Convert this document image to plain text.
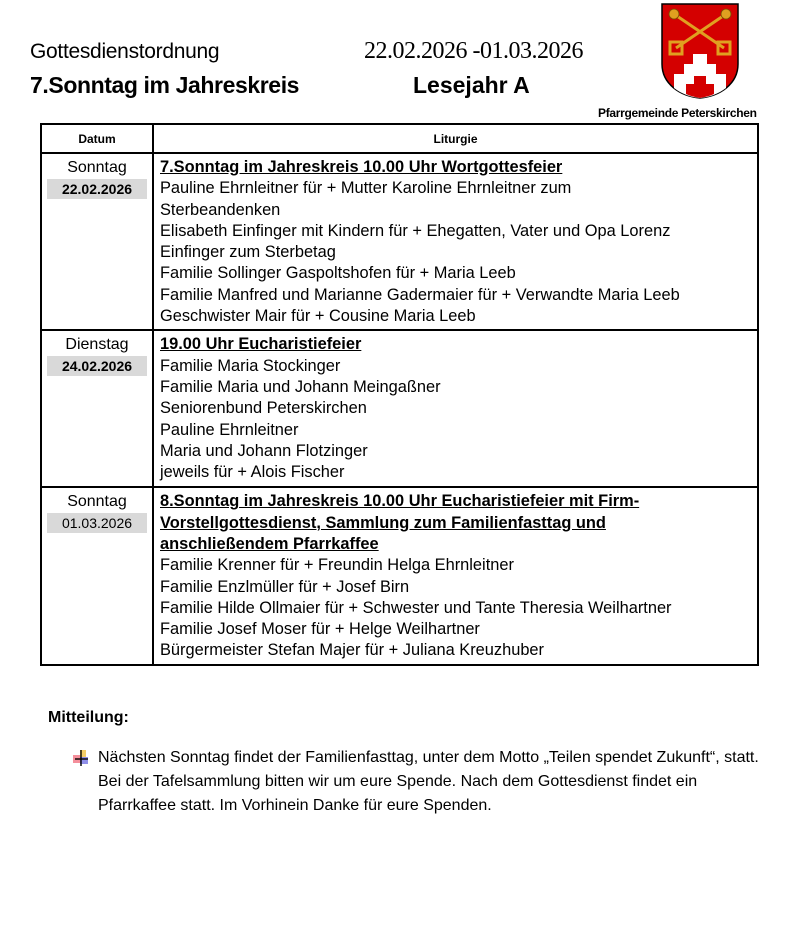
Gottesdienstordnung	22.02.2026 -01.03.2026
7.Sonntag im Jahreskreis	Lesejahr A
Pfarrgemeinde Peterskirchen
Datum	Liturgie

Sonntag
22.02.2026

7.Sonntag im Jahreskreis 10.00 Uhr Wortgottesfeier
Pauline Ehrnleitner für + Mutter Karoline Ehrnleitner zum
Sterbeandenken
Elisabeth Einfinger mit Kindern für + Ehegatten, Vater und Opa Lorenz
Einfinger zum Sterbetag
Familie Sollinger Gaspoltshofen für + Maria Leeb
Familie Manfred und Marianne Gadermaier für + Verwandte Maria Leeb
Geschwister Mair für + Cousine Maria Leeb

Dienstag
24.02.2026

19.00 Uhr Eucharistiefeier
Familie Maria Stockinger
Familie Maria und Johann Meingaßner
Seniorenbund Peterskirchen
Pauline Ehrnleitner
Maria und Johann Flotzinger
jeweils für + Alois Fischer

Sonntag
01.03.2026

8.Sonntag im Jahreskreis 10.00 Uhr Eucharistiefeier mit Firm-
Vorstellgottesdienst, Sammlung zum Familienfasttag und
anschließendem Pfarrkaffee
Familie Krenner für + Freundin Helga Ehrnleitner
Familie Enzlmüller für + Josef Birn
Familie Hilde Ollmaier für + Schwester und Tante Theresia Weilhartner
Familie Josef Moser für + Helge Weilhartner
Bürgermeister Stefan Majer für + Juliana Kreuzhuber
Mitteilung:
Nächsten Sonntag findet der Familienfasttag, unter dem Motto „Teilen spendet Zukunft“, statt. Bei der Tafelsammlung bitten wir um eure Spende. Nach dem Gottesdienst findet ein Pfarrkaffee statt. Im Vorhinein Danke für eure Spenden.
